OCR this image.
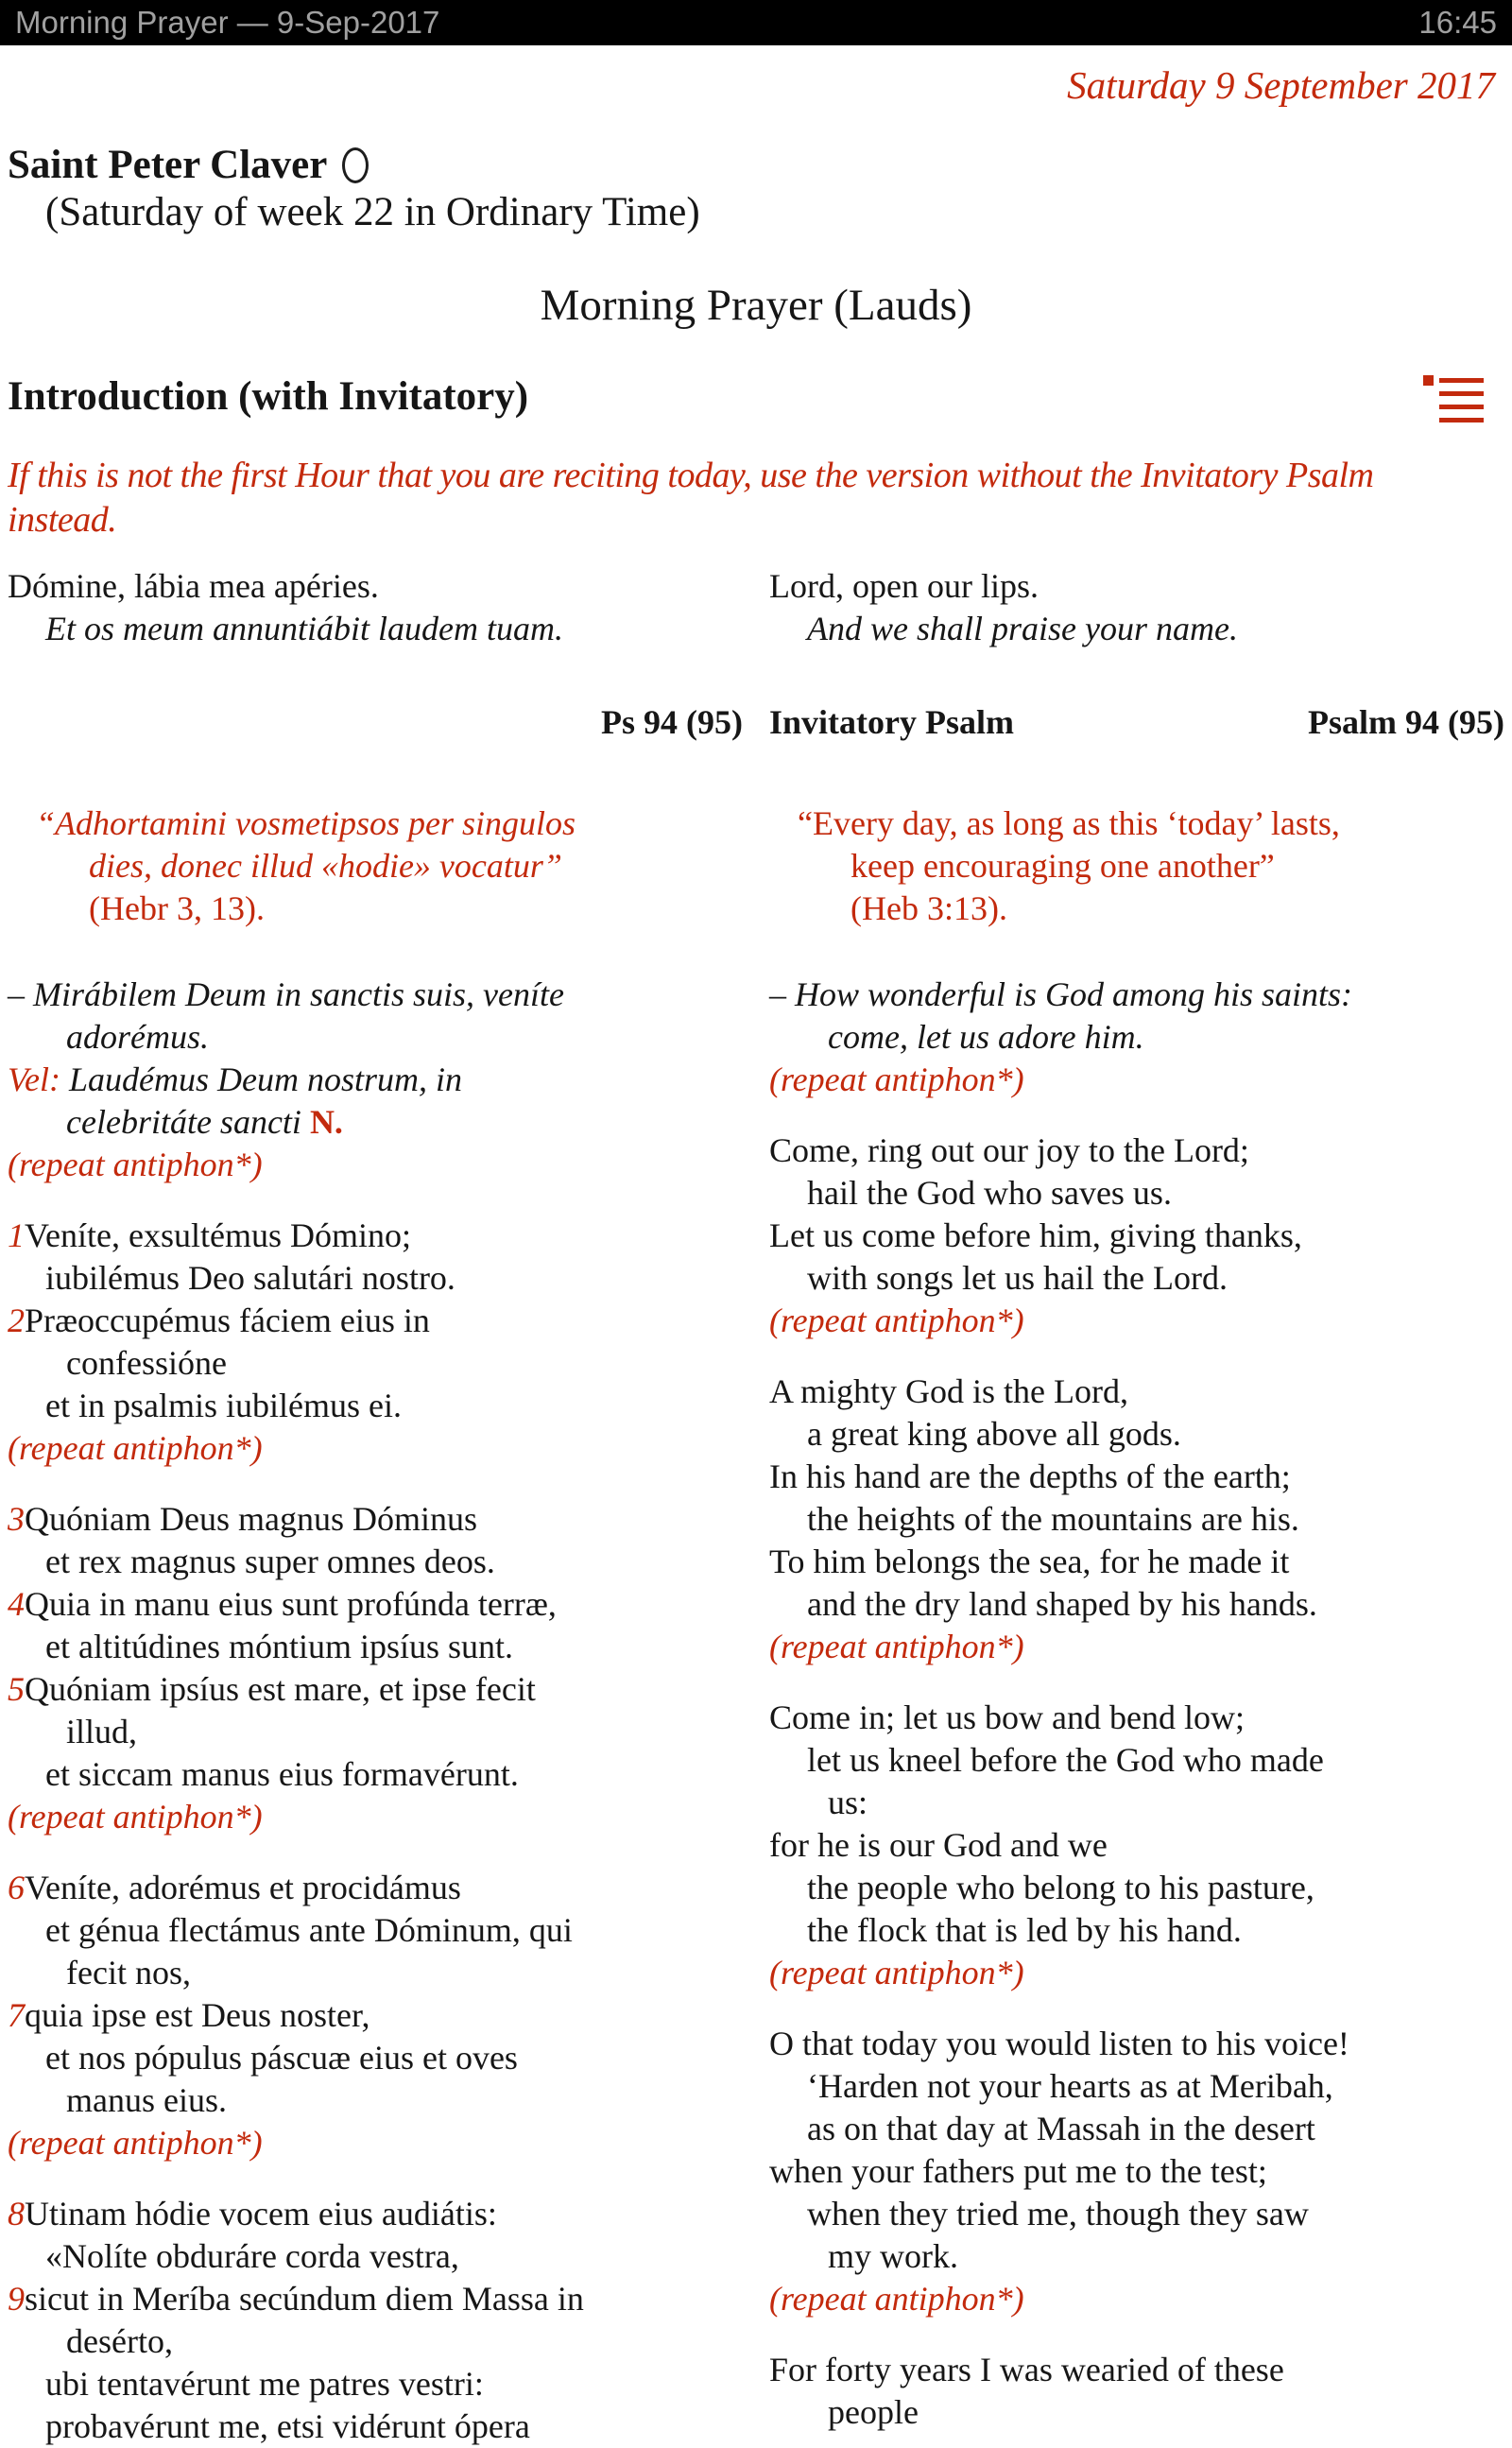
Morning Prayer — 9-Sep-2017	16:45
Saturday 9 September 2017
Saint Peter Claver
(Saturday of week 22 in Ordinary Time)
Morning Prayer (Lauds)
Introduction (with Invitatory)
If this is not the first Hour that you are reciting today, use the version without the Invitatory Psalm
instead.
Dómine, lábia mea apéries.
Et os meum annuntiábit laudem tuam.
Ps 94 (95)
“Adhortamini vosmetipsos per singulos
dies, donec illud «hodie» vocatur”
(Hebr 3, 13).
– Mirábilem Deum in sanctis suis, veníte
adorémus.
Vel: Laudémus Deum nostrum, in
celebritáte sancti N.
(repeat antiphon*)
1Veníte, exsultémus Dómino;
iubilémus Deo salutári nostro.
2Præoccupémus fáciem eius in
confessióne
et in psalmis iubilémus ei.
(repeat antiphon*)
3Quóniam Deus magnus Dóminus
et rex magnus super omnes deos.
4Quia in manu eius sunt profúnda terræ,
et altitúdines móntium ipsíus sunt.
5Quóniam ipsíus est mare, et ipse fecit
illud,
et siccam manus eius formavérunt.
(repeat antiphon*)
6Veníte, adorémus et procidámus
et génua flectámus ante Dóminum, qui
fecit nos,
7quia ipse est Deus noster,
et nos pópulus páscuæ eius et oves
manus eius.
(repeat antiphon*)
8Utinam hódie vocem eius audiátis:
«Nolíte obduráre corda vestra,
9sicut in Meríba secúndum diem Massa in
desérto,
ubi tentavérunt me patres vestri:
probavérunt me, etsi vidérunt ópera
Lord, open our lips.
And we shall praise your name.
Invitatory Psalm	Psalm 94 (95)
“Every day, as long as this ‘today’ lasts,
keep encouraging one another”
(Heb 3:13).
– How wonderful is God among his saints:
come, let us adore him.
(repeat antiphon*)
Come, ring out our joy to the Lord;
hail the God who saves us.
Let us come before him, giving thanks,
with songs let us hail the Lord.
(repeat antiphon*)
A mighty God is the Lord,
a great king above all gods.
In his hand are the depths of the earth;
the heights of the mountains are his.
To him belongs the sea, for he made it
and the dry land shaped by his hands.
(repeat antiphon*)
Come in; let us bow and bend low;
let us kneel before the God who made
us:
for he is our God and we
the people who belong to his pasture,
the flock that is led by his hand.
(repeat antiphon*)
O that today you would listen to his voice!
‘Harden not your hearts as at Meribah,
as on that day at Massah in the desert
when your fathers put me to the test;
when they tried me, though they saw
my work.
(repeat antiphon*)
For forty years I was wearied of these
people
